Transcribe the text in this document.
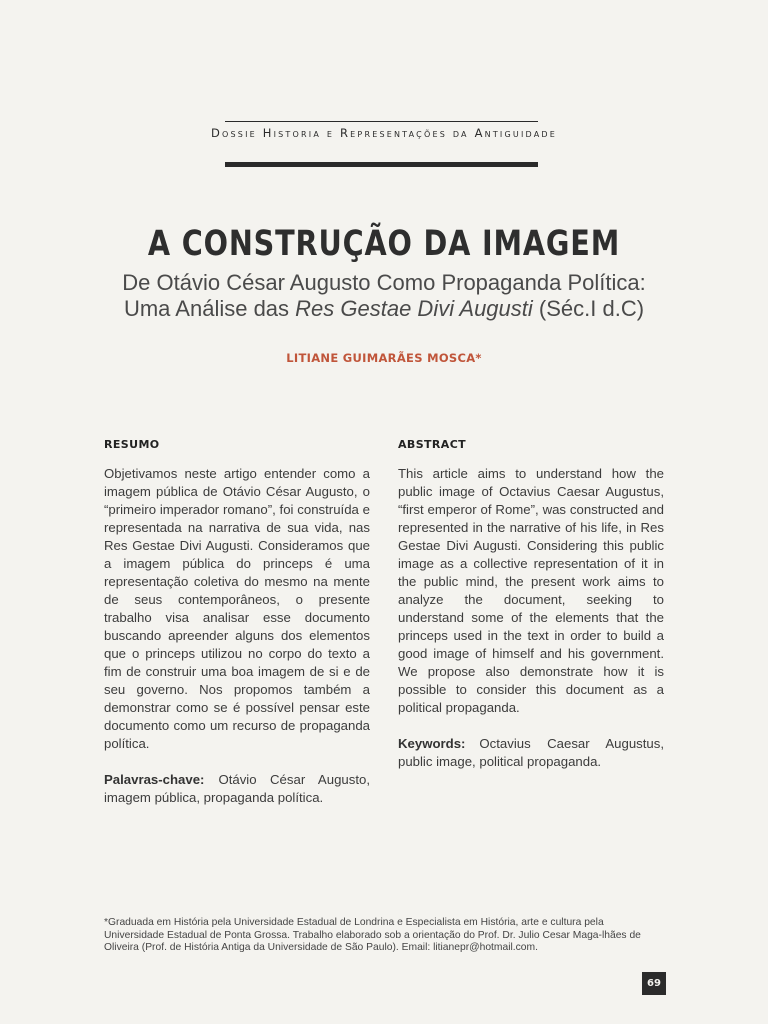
Dossie Historia e Representações da Antiguidade
A CONSTRUÇÃO DA IMAGEM
De Otávio César Augusto Como Propaganda Política:
Uma Análise das Res Gestae Divi Augusti (Séc.I d.C)
LITIANE GUIMARÃES MOSCA*
RESUMO

Objetivamos neste artigo entender como a imagem pública de Otávio César Augusto, o “primeiro imperador romano”, foi construída e representada na narrativa de sua vida, nas Res Gestae Divi Augusti. Consideramos que a imagem pública do princeps é uma representação coletiva do mesmo na mente de seus contemporâneos, o presente trabalho visa analisar esse documento buscando apreender alguns dos elementos que o princeps utilizou no corpo do texto a fim de construir uma boa imagem de si e de seu governo. Nos propomos também a demonstrar como se é possível pensar este documento como um recurso de propaganda política.

Palavras-chave: Otávio César Augusto, imagem pública, propaganda política.

ABSTRACT

This article aims to understand how the public image of Octavius Caesar Augustus, “first emperor of Rome”, was constructed and represented in the narrative of his life, in Res Gestae Divi Augusti. Considering this public image as a collective representation of it in the public mind, the present work aims to analyze the document, seeking to understand some of the elements that the princeps used in the text in order to build a good image of himself and his government. We propose also demonstrate how it is possible to consider this document as a political propaganda.

Keywords: Octavius Caesar Augustus, public image, political propaganda.

*Graduada em História pela Universidade Estadual de Londrina e Especialista em História, arte e cultura pela Universidade Estadual de Ponta Grossa. Trabalho elaborado sob a orientação do Prof. Dr. Julio Cesar Maga-lhães de Oliveira (Prof. de História Antiga da Universidade de São Paulo). Email: litianepr@hotmail.com.
69
